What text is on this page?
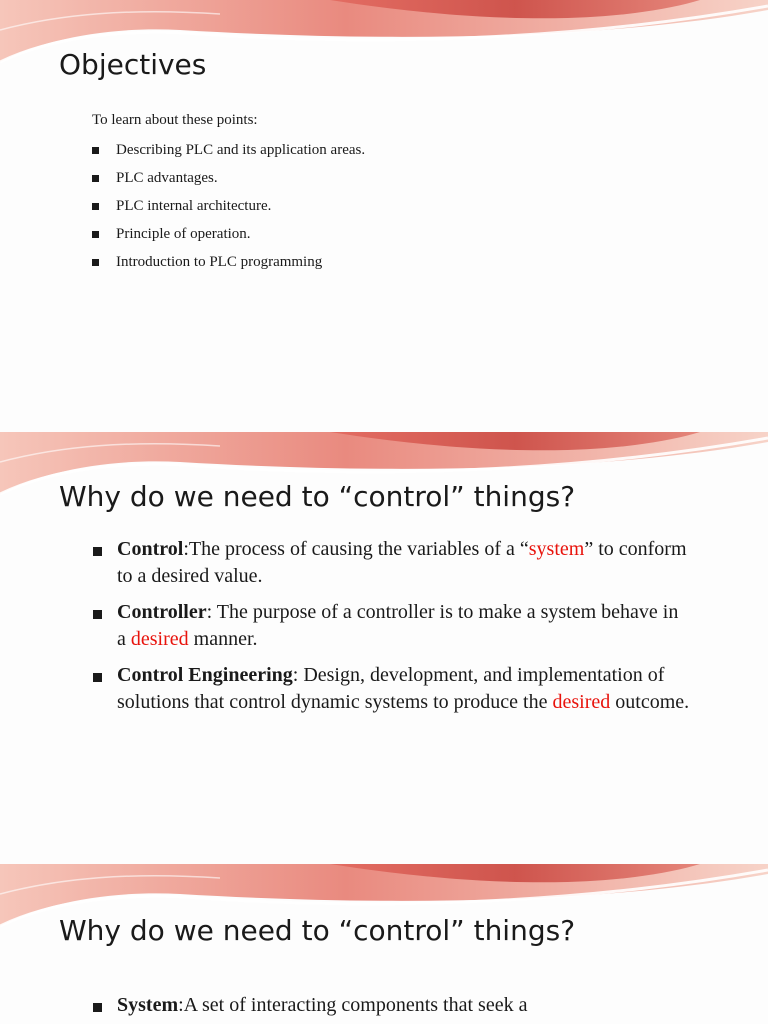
Objectives

To learn about these points:

Describing PLC and its application areas.
PLC advantages.
PLC internal architecture.
Principle of operation.
Introduction to PLC programming
Why do we need to “control” things?
Control:The process of causing the variables of a “system” to conform to a desired value.
Controller: The purpose of a controller is to make a system behave in a desired manner.
Control Engineering: Design, development, and implementation of solutions that control dynamic systems to produce the desired outcome.
Why do we need to “control” things?
System:A set of interacting components that seek a
